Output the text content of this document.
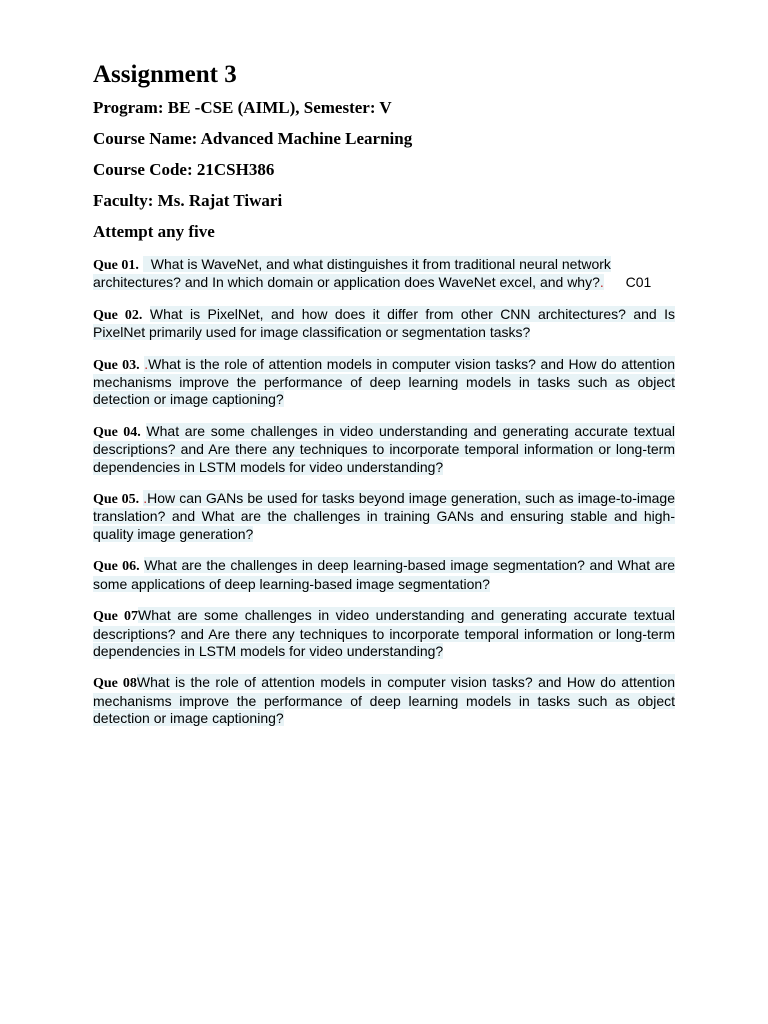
Assignment 3
Program: BE -CSE (AIML), Semester: V
Course Name: Advanced Machine Learning
Course Code: 21CSH386
Faculty: Ms. Rajat Tiwari
Attempt any five

Que 01. What is WaveNet, and what distinguishes it from traditional neural network architectures? and In which domain or application does WaveNet excel, and why?. C01

Que 02. What is PixelNet, and how does it differ from other CNN architectures? and Is PixelNet primarily used for image classification or segmentation tasks?

Que 03. .What is the role of attention models in computer vision tasks? and How do attention mechanisms improve the performance of deep learning models in tasks such as object detection or image captioning?

Que 04. What are some challenges in video understanding and generating accurate textual descriptions? and Are there any techniques to incorporate temporal information or long-term dependencies in LSTM models for video understanding?

Que 05. .How can GANs be used for tasks beyond image generation, such as image-to-image translation? and What are the challenges in training GANs and ensuring stable and high-quality image generation?

Que 06. What are the challenges in deep learning-based image segmentation? and What are some applications of deep learning-based image segmentation?

Que 07What are some challenges in video understanding and generating accurate textual descriptions? and Are there any techniques to incorporate temporal information or long-term dependencies in LSTM models for video understanding?

Que 08What is the role of attention models in computer vision tasks? and How do attention mechanisms improve the performance of deep learning models in tasks such as object detection or image captioning?
